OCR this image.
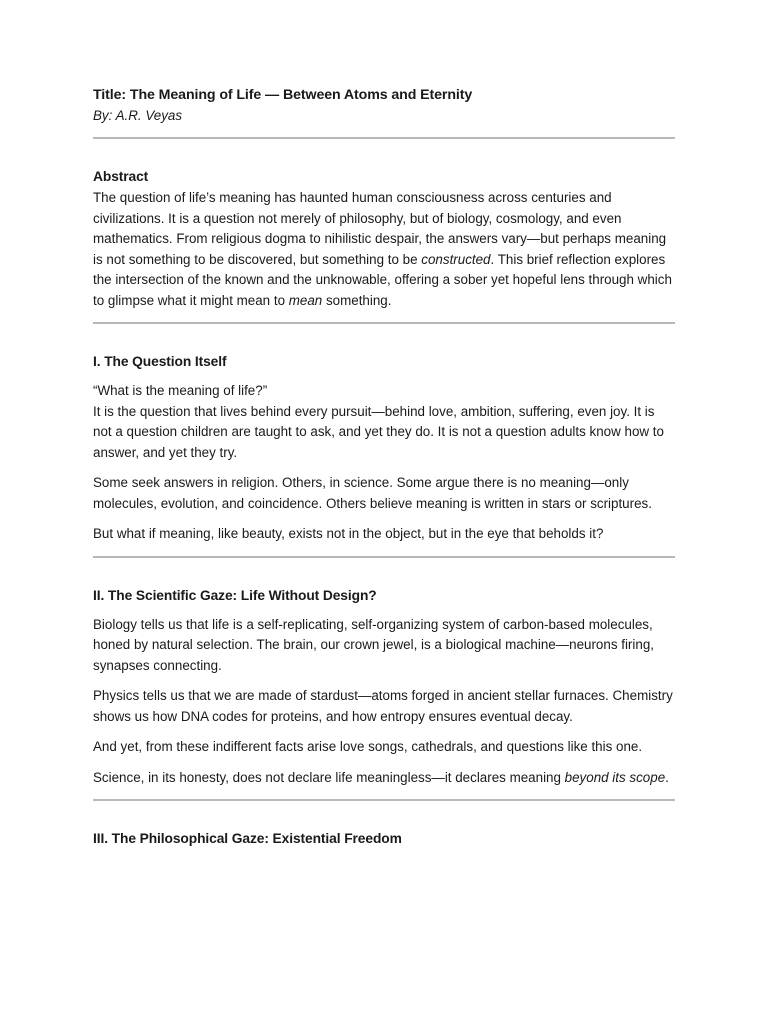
Title: The Meaning of Life — Between Atoms and Eternity

By: A.R. Veyas

Abstract

The question of life’s meaning has haunted human consciousness across centuries and civilizations. It is a question not merely of philosophy, but of biology, cosmology, and even mathematics. From religious dogma to nihilistic despair, the answers vary—but perhaps meaning is not something to be discovered, but something to be constructed. This brief reflection explores the intersection of the known and the unknowable, offering a sober yet hopeful lens through which to glimpse what it might mean to mean something.

I. The Question Itself

“What is the meaning of life?”

It is the question that lives behind every pursuit—behind love, ambition, suffering, even joy. It is not a question children are taught to ask, and yet they do. It is not a question adults know how to answer, and yet they try.

Some seek answers in religion. Others, in science. Some argue there is no meaning—only molecules, evolution, and coincidence. Others believe meaning is written in stars or scriptures.

But what if meaning, like beauty, exists not in the object, but in the eye that beholds it?

II. The Scientific Gaze: Life Without Design?

Biology tells us that life is a self-replicating, self-organizing system of carbon-based molecules, honed by natural selection. The brain, our crown jewel, is a biological machine—neurons firing, synapses connecting.

Physics tells us that we are made of stardust—atoms forged in ancient stellar furnaces. Chemistry shows us how DNA codes for proteins, and how entropy ensures eventual decay.

And yet, from these indifferent facts arise love songs, cathedrals, and questions like this one.

Science, in its honesty, does not declare life meaningless—it declares meaning beyond its scope.

III. The Philosophical Gaze: Existential Freedom
